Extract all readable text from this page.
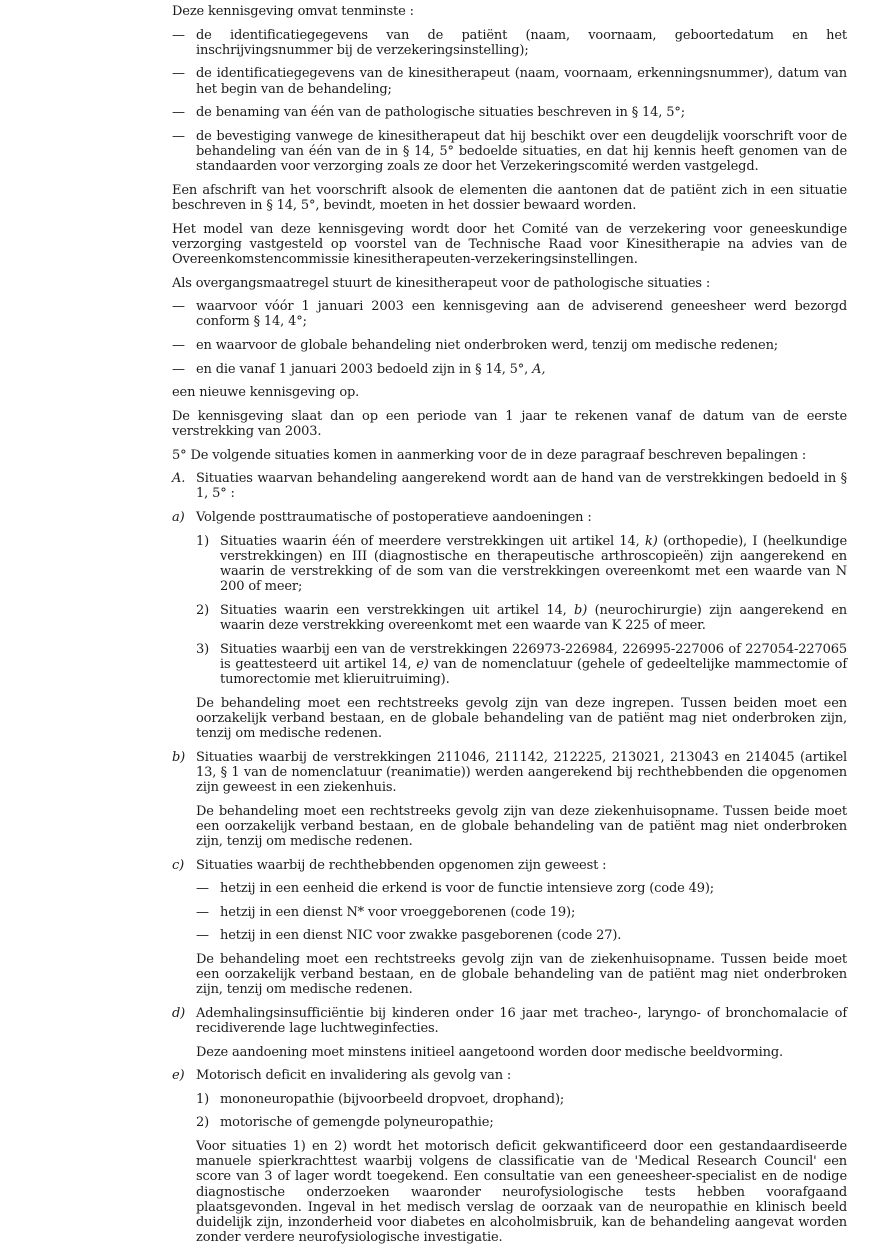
Deze kennisgeving omvat tenminste :

— de identificatiegegevens van de patiënt (naam, voornaam, geboortedatum en het inschrijvingsnummer bij de verzekeringsinstelling);
— de identificatiegegevens van de kinesitherapeut (naam, voornaam, erkenningsnummer), datum van het begin van de behandeling;
— de benaming van één van de pathologische situaties beschreven in § 14, 5°;
— de bevestiging vanwege de kinesitherapeut dat hij beschikt over een deugdelijk voorschrift voor de behandeling van één van de in § 14, 5° bedoelde situaties, en dat hij kennis heeft genomen van de standaarden voor verzorging zoals ze door het Verzekeringscomité werden vastgelegd.

Een afschrift van het voorschrift alsook de elementen die aantonen dat de patiënt zich in een situatie beschreven in § 14, 5°, bevindt, moeten in het dossier bewaard worden.

Het model van deze kennisgeving wordt door het Comité van de verzekering voor geneeskundige verzorging vastgesteld op voorstel van de Technische Raad voor Kinesitherapie na advies van de Overeenkomstencommissie kinesitherapeuten-verzekeringsinstellingen.

Als overgangsmaatregel stuurt de kinesitherapeut voor de pathologische situaties :

— waarvoor vóór 1 januari 2003 een kennisgeving aan de adviserend geneesheer werd bezorgd conform § 14, 4°;
— en waarvoor de globale behandeling niet onderbroken werd, tenzij om medische redenen;
— en die vanaf 1 januari 2003 bedoeld zijn in § 14, 5°, A,

een nieuwe kennisgeving op.

De kennisgeving slaat dan op een periode van 1 jaar te rekenen vanaf de datum van de eerste verstrekking van 2003.

5° De volgende situaties komen in aanmerking voor de in deze paragraaf beschreven bepalingen :

A. Situaties waarvan behandeling aangerekend wordt aan de hand van de verstrekkingen bedoeld in § 1, 5° :
a) Volgende posttraumatische of postoperatieve aandoeningen :
1) Situaties waarin één of meerdere verstrekkingen uit artikel 14, k) (orthopedie), I (heelkundige verstrekkingen) en III (diagnostische en therapeutische arthroscopieën) zijn aangerekend en waarin de verstrekking of de som van die verstrekkingen overeenkomt met een waarde van N 200 of meer;
2) Situaties waarin een verstrekkingen uit artikel 14, b) (neurochirurgie) zijn aangerekend en waarin deze verstrekking overeenkomt met een waarde van K 225 of meer.
3) Situaties waarbij een van de verstrekkingen 226973-226984, 226995-227006 of 227054-227065 is geattesteerd uit artikel 14, e) van de nomenclatuur (gehele of gedeeltelijke mammectomie of tumorectomie met klieruitruiming).

De behandeling moet een rechtstreeks gevolg zijn van deze ingrepen. Tussen beiden moet een oorzakelijk verband bestaan, en de globale behandeling van de patiënt mag niet onderbroken zijn, tenzij om medische redenen.

b) Situaties waarbij de verstrekkingen 211046, 211142, 212225, 213021, 213043 en 214045 (artikel 13, § 1 van de nomenclatuur (reanimatie)) werden aangerekend bij rechthebbenden die opgenomen zijn geweest in een ziekenhuis.

De behandeling moet een rechtstreeks gevolg zijn van deze ziekenhuisopname. Tussen beide moet een oorzakelijk verband bestaan, en de globale behandeling van de patiënt mag niet onderbroken zijn, tenzij om medische redenen.

c) Situaties waarbij de rechthebbenden opgenomen zijn geweest :
— hetzij in een eenheid die erkend is voor de functie intensieve zorg (code 49);
— hetzij in een dienst N* voor vroeggeborenen (code 19);
— hetzij in een dienst NIC voor zwakke pasgeborenen (code 27).

De behandeling moet een rechtstreeks gevolg zijn van de ziekenhuisopname. Tussen beide moet een oorzakelijk verband bestaan, en de globale behandeling van de patiënt mag niet onderbroken zijn, tenzij om medische redenen.

d) Ademhalingsinsufficiëntie bij kinderen onder 16 jaar met tracheo-, laryngo- of bronchomalacie of recidiverende lage luchtweginfecties.

Deze aandoening moet minstens initieel aangetoond worden door medische beeldvorming.

e) Motorisch deficit en invalidering als gevolg van :
1) mononeuropathie (bijvoorbeeld dropvoet, drophand);
2) motorische of gemengde polyneuropathie;

Voor situaties 1) en 2) wordt het motorisch deficit gekwantificeerd door een gestandaardiseerde manuele spierkrachttest waarbij volgens de classificatie van de 'Medical Research Council' een score van 3 of lager wordt toegekend. Een consultatie van een geneesheer-specialist en de nodige diagnostische onderzoeken waaronder neurofysiologische tests hebben voorafgaand plaatsgevonden. Ingeval in het medisch verslag de oorzaak van de neuropathie en klinisch beeld duidelijk zijn, inzonderheid voor diabetes en alcoholmisbruik, kan de behandeling aangevat worden zonder verdere neurofysiologische investigatie.
